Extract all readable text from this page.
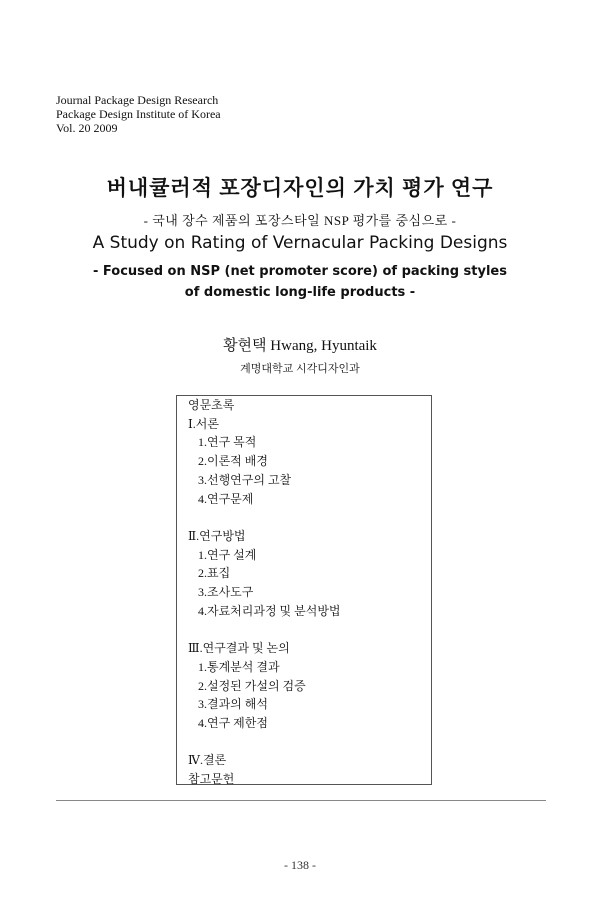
Journal Package Design Research
Package Design Institute of Korea
Vol. 20 2009
버내큘러적 포장디자인의 가치 평가 연구
- 국내 장수 제품의 포장스타일 NSP 평가를 중심으로 -
A Study on Rating of Vernacular Packing Designs
- Focused on NSP (net promoter score) of packing styles
of domestic long-life products -
황현택 Hwang, Hyuntaik
계명대학교 시각디자인과
영문초록
Ⅰ.서론
1.연구 목적
2.이론적 배경
3.선행연구의 고찰
4.연구문제
Ⅱ.연구방법
1.연구 설계
2.표집
3.조사도구
4.자료처리과정 및 분석방법
Ⅲ.연구결과 및 논의
1.통계분석 결과
2.설정된 가설의 검증
3.결과의 해석
4.연구 제한점
Ⅳ.결론
참고문헌
- 138 -
